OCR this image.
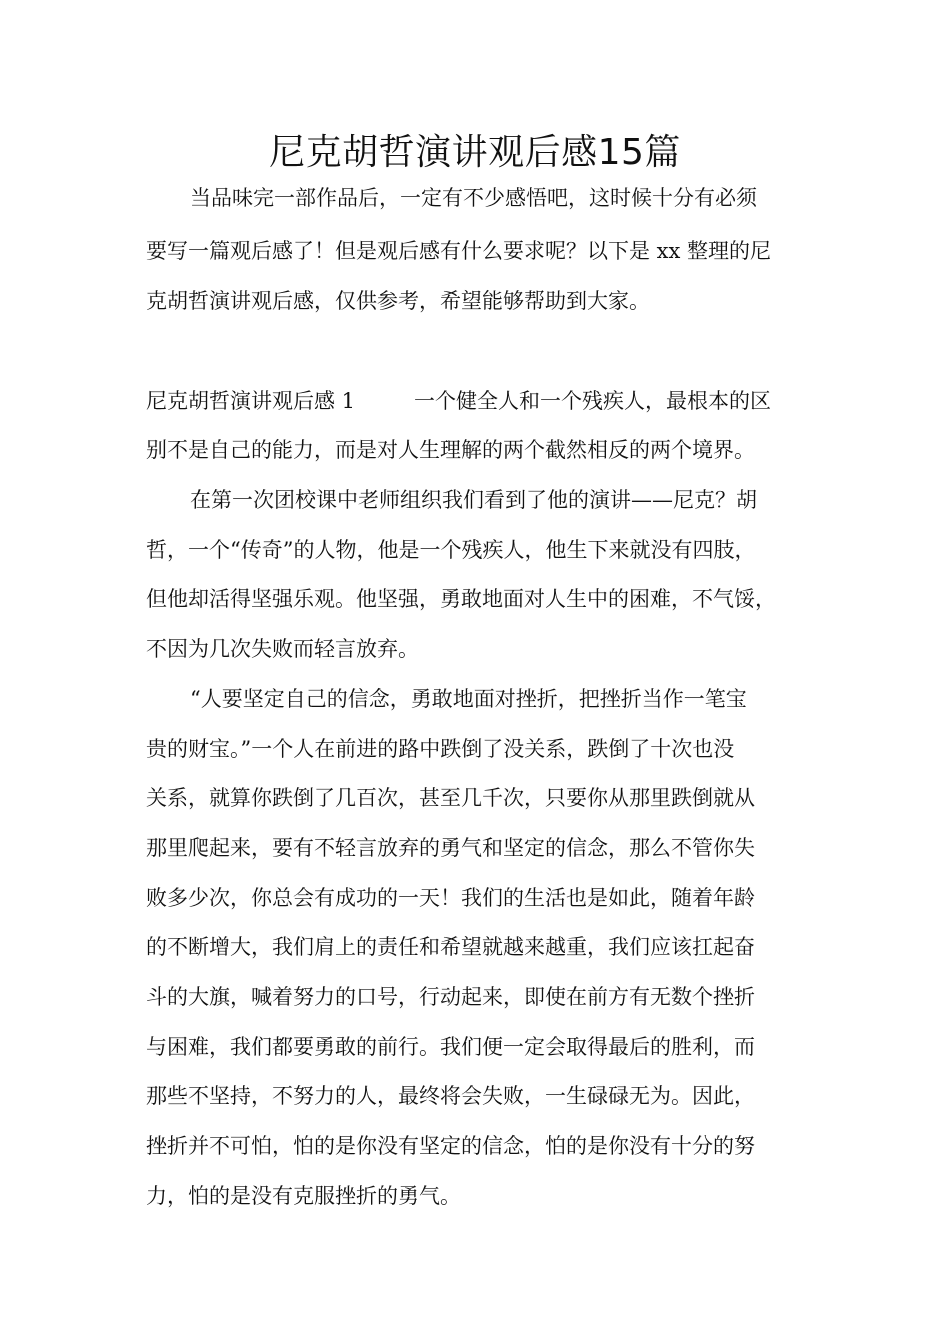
尼克胡哲演讲观后感15篇

当品味完一部作品后，一定有不少感悟吧，这时候十分有必须

要写一篇观后感了！但是观后感有什么要求呢？以下是 xx 整理的尼

克胡哲演讲观后感，仅供参考，希望能够帮助到大家。

尼克胡哲演讲观后感 1	一个健全人和一个残疾人，最根本的区

别不是自己的能力，而是对人生理解的两个截然相反的两个境界。

在第一次团校课中老师组织我们看到了他的演讲——尼克？胡

哲，一个“传奇”的人物，他是一个残疾人，他生下来就没有四肢，

但他却活得坚强乐观。他坚强，勇敢地面对人生中的困难，不气馁，

不因为几次失败而轻言放弃。

“人要坚定自己的信念，勇敢地面对挫折，把挫折当作一笔宝

贵的财宝。”一个人在前进的路中跌倒了没关系，跌倒了十次也没

关系，就算你跌倒了几百次，甚至几千次，只要你从那里跌倒就从

那里爬起来，要有不轻言放弃的勇气和坚定的信念，那么不管你失

败多少次，你总会有成功的一天！我们的生活也是如此，随着年龄

的不断增大，我们肩上的责任和希望就越来越重，我们应该扛起奋

斗的大旗，喊着努力的口号，行动起来，即使在前方有无数个挫折

与困难，我们都要勇敢的前行。我们便一定会取得最后的胜利，而

那些不坚持，不努力的人，最终将会失败，一生碌碌无为。因此，

挫折并不可怕，怕的是你没有坚定的信念，怕的是你没有十分的努

力，怕的是没有克服挫折的勇气。
